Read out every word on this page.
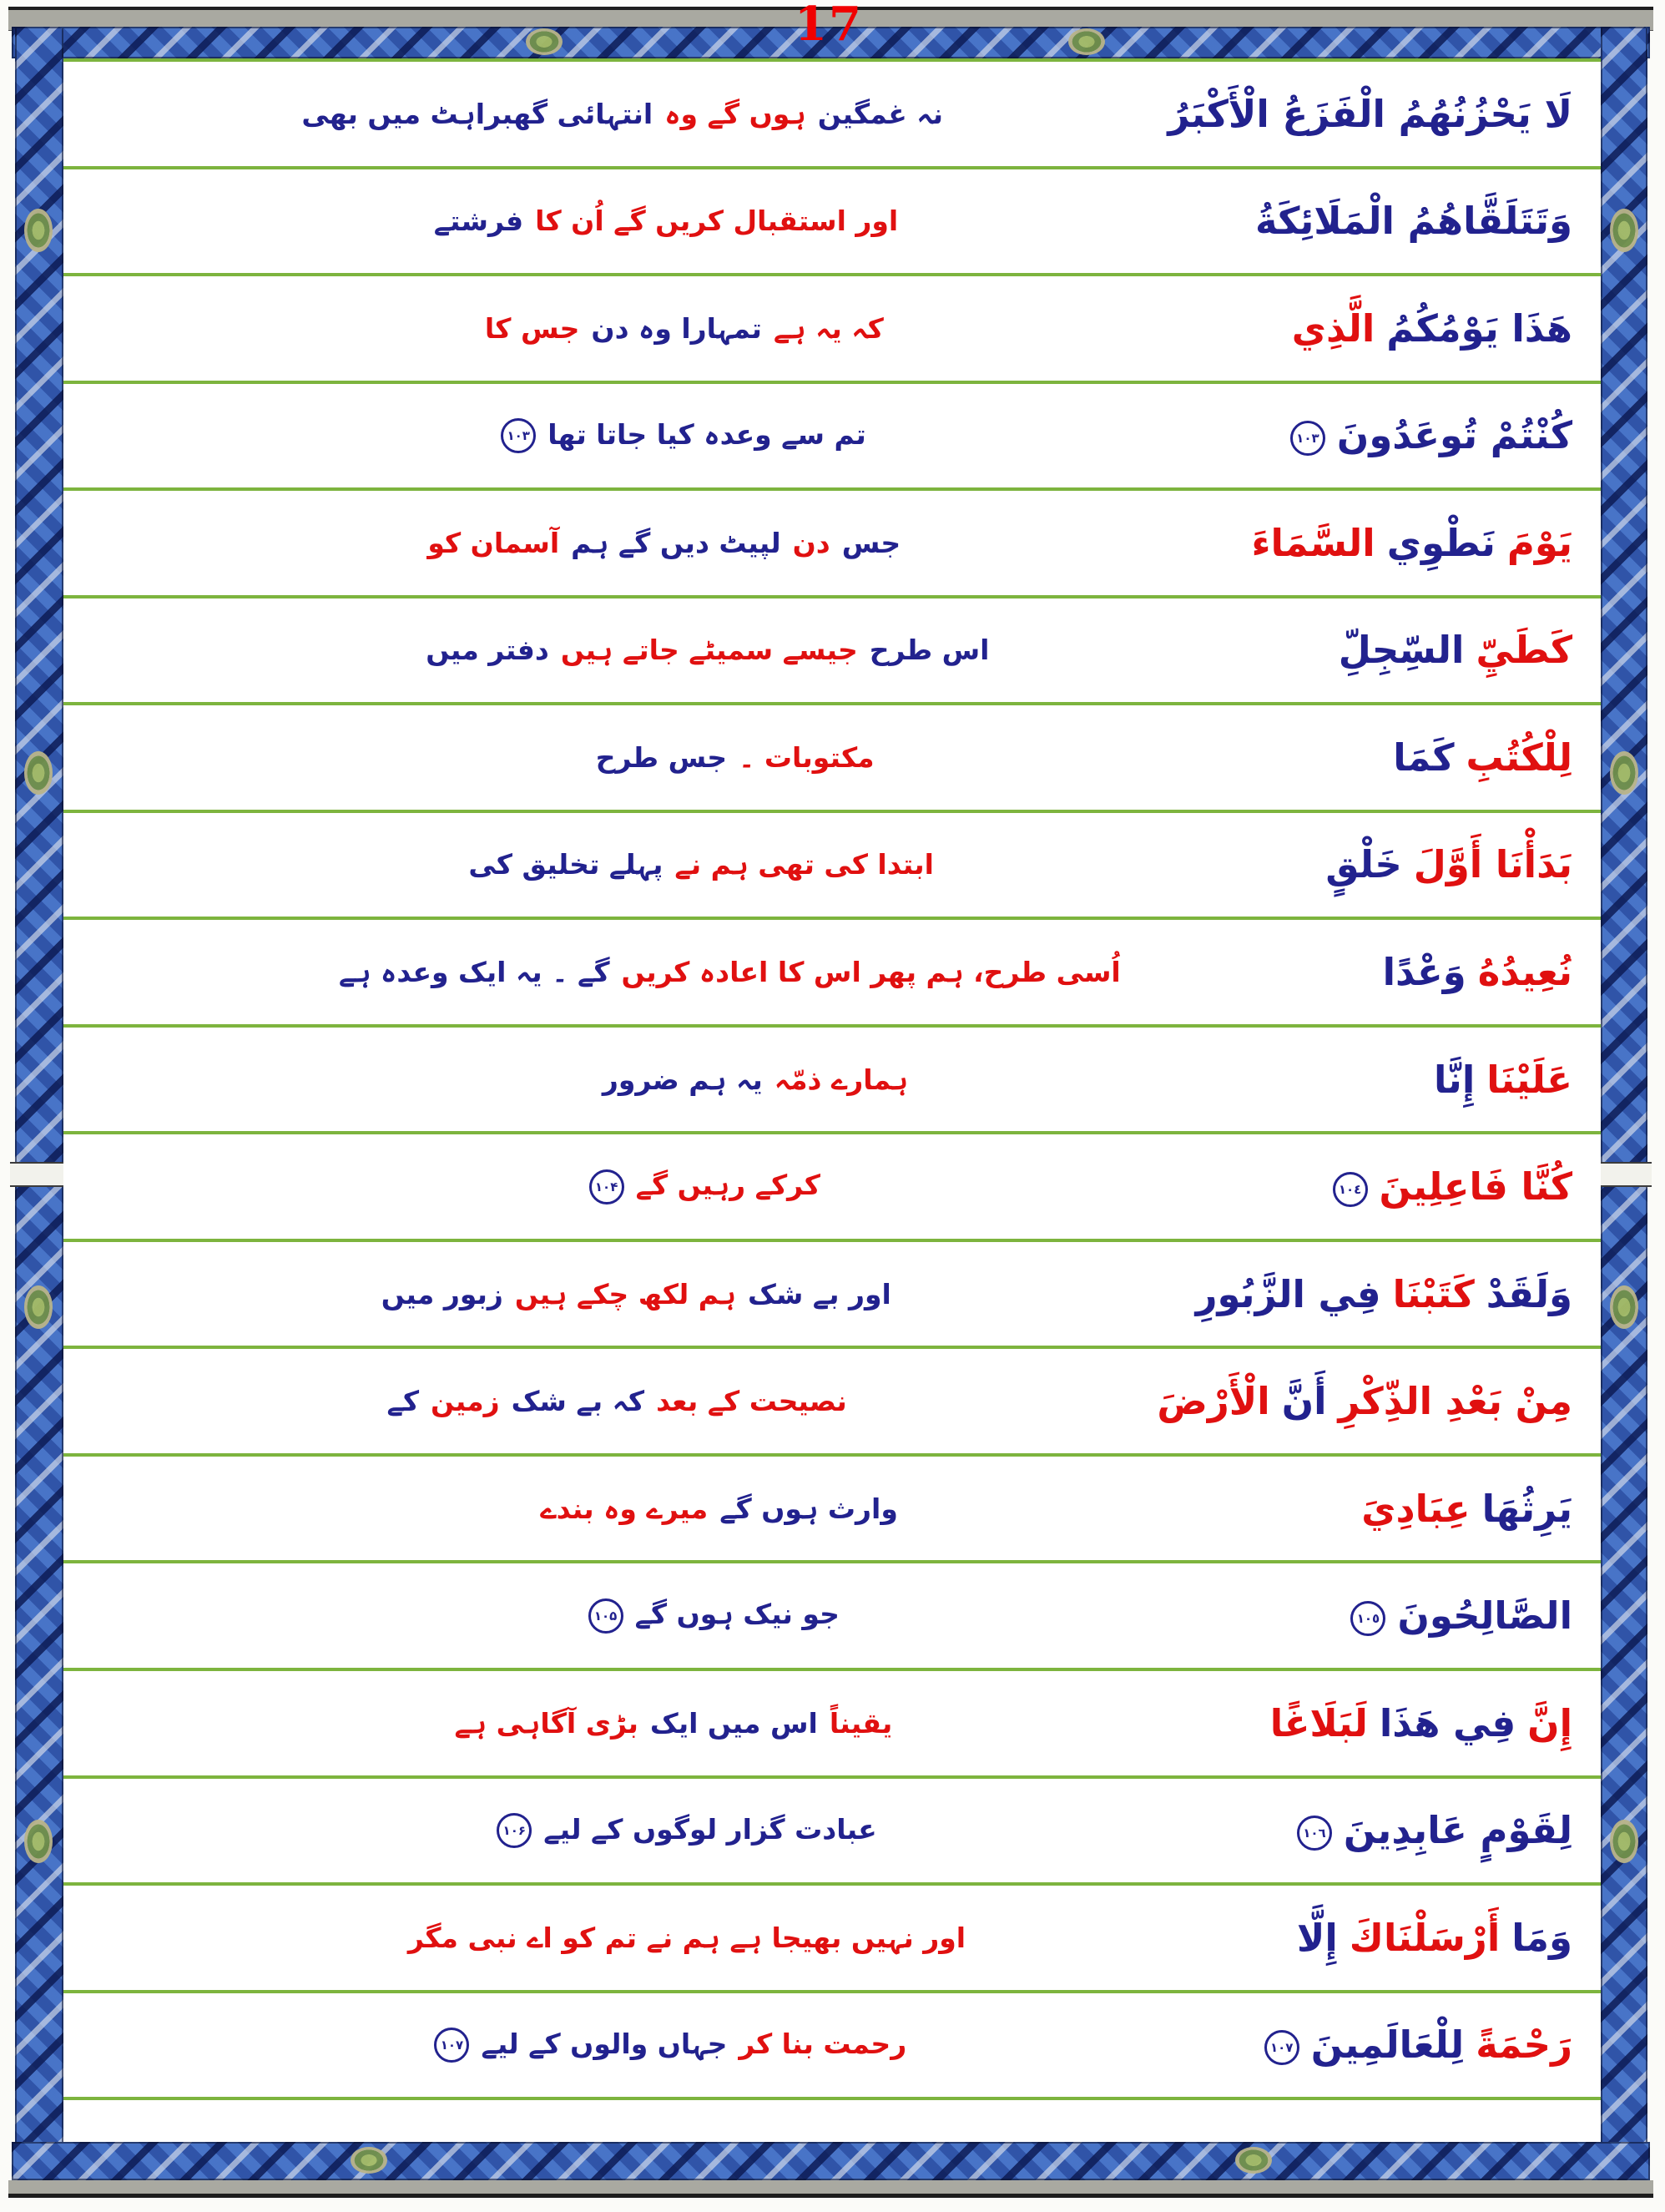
17
لَا يَحْزُنُهُمُ الْفَزَعُ الْأَكْبَرُ
نہ غمگینہوں گے وہانتہائی گھبراہٹ میں بھی
وَتَتَلَقَّاهُمُ الْمَلَائِكَةُ
اور استقبال کریں گے اُن کافرشتے
هَذَا يَوْمُكُمُالَّذِي
کہ یہ ہےتمہارا وہ دنجس کا
كُنْتُمْ تُوعَدُونَ١٠٣
تم سے وعدہ کیا جاتا تھا۱۰۳
يَوْمَنَطْوِيالسَّمَاءَ
جسدنلپیٹ دیں گے ہمآسمان کو
كَطَيِّالسِّجِلِّ
اس طرحجیسے سمیٹے جاتے ہیںدفتر میں
لِلْكُتُبِكَمَا
مکتوبات ۔جس طرح
بَدَأْنَا أَوَّلَخَلْقٍ
ابتدا کی تھی ہم نےپہلے تخلیق کی
نُعِيدُهُوَعْدًا
اُسی طرح، ہم پھر اس کا اعادہ کریںگے ۔ یہ ایک وعدہ ہے
عَلَيْنَاإِنَّا
ہمارے ذمّہیہ ہم ضرور
كُنَّا فَاعِلِينَ١٠٤
کرکے رہیں گے۱۰۴
وَلَقَدْكَتَبْنَافِي الزَّبُورِ
اور بے شکہم لکھ چکے ہیںزبور میں
مِنْ بَعْدِ الذِّكْرِأَنَّالْأَرْضَ
نصیحت کے بعدکہ بے شکزمینکے
يَرِثُهَاعِبَادِيَ
وارث ہوں گےمیرے وہ بندے
الصَّالِحُونَ١٠٥
جو نیک ہوں گے۱۰۵
إِنَّفِي هَذَالَبَلَاغًا
یقیناًاس میں ایکبڑی آگاہی ہے
لِقَوْمٍ عَابِدِينَ١٠٦
عبادت گزار لوگوں کے لیے۱۰۶
وَمَاأَرْسَلْنَاكَإِلَّا
اور نہیں بھیجا ہے ہم نے تم کو اے نبی مگر
رَحْمَةًلِلْعَالَمِينَ١٠٧
رحمت بنا کرجہاں والوں کے لیے۱۰۷
